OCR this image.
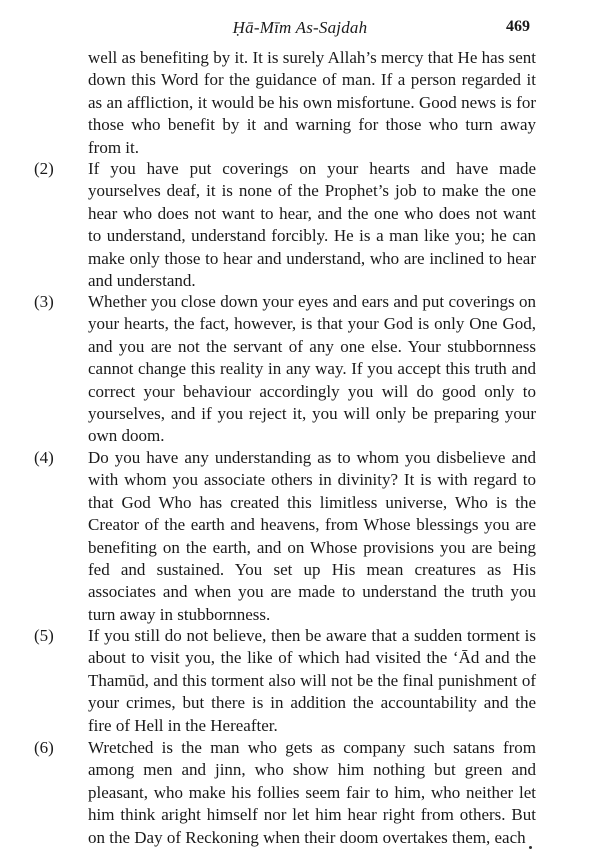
Ḥā-Mīm As-Sajdah	469
well as benefiting by it. It is surely Allah’s mercy that He has sent down this Word for the guidance of man. If a person regarded it as an affliction, it would be his own misfortune. Good news is for those who benefit by it and warning for those who turn away from it.
(2) If you have put coverings on your hearts and have made yourselves deaf, it is none of the Prophet’s job to make the one hear who does not want to hear, and the one who does not want to understand, understand forcibly. He is a man like you; he can make only those to hear and understand, who are inclined to hear and understand.
(3) Whether you close down your eyes and ears and put coverings on your hearts, the fact, however, is that your God is only One God, and you are not the servant of any one else. Your stubbornness cannot change this reality in any way. If you accept this truth and correct your behaviour accordingly you will do good only to yourselves, and if you reject it, you will only be preparing your own doom.
(4) Do you have any understanding as to whom you disbelieve and with whom you associate others in divinity? It is with regard to that God Who has created this limitless universe, Who is the Creator of the earth and heavens, from Whose blessings you are benefiting on the earth, and on Whose provisions you are being fed and sustained. You set up His mean creatures as His associates and when you are made to understand the truth you turn away in stubbornness.
(5) If you still do not believe, then be aware that a sudden torment is about to visit you, the like of which had visited the ‘Ād and the Thamūd, and this torment also will not be the final punishment of your crimes, but there is in addition the accountability and the fire of Hell in the Hereafter.
(6) Wretched is the man who gets as company such satans from among men and jinn, who show him nothing but green and pleasant, who make his follies seem fair to him, who neither let him think aright himself nor let him hear right from others. But on the Day of Reckoning when their doom overtakes them, each
